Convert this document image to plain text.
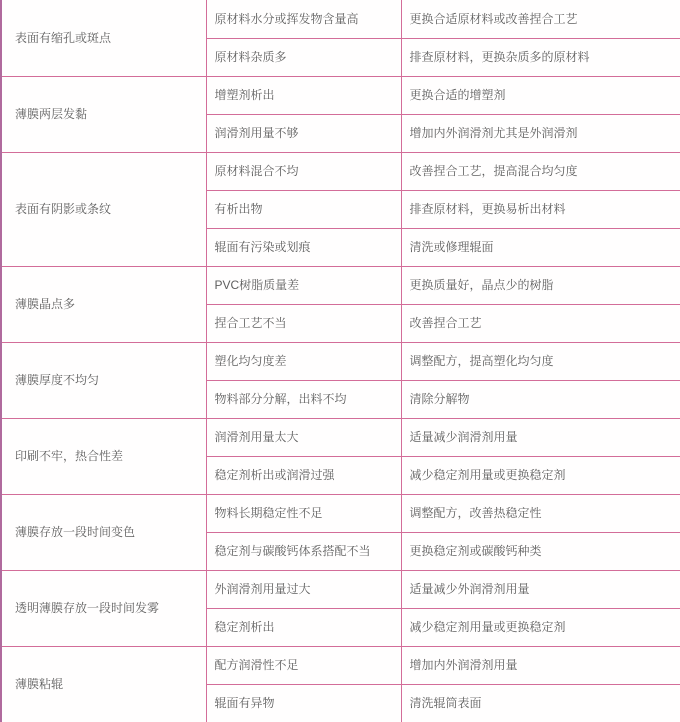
表面有缩孔或斑点	原材料水分或挥发物含量高	更换合适原材料或改善捏合工艺
	原材料杂质多	排查原材料，更换杂质多的原材料
薄膜两层发黏	增塑剂析出	更换合适的增塑剂
	润滑剂用量不够	增加内外润滑剂尤其是外润滑剂
表面有阴影或条纹	原材料混合不均	改善捏合工艺，提高混合均匀度
	有析出物	排查原材料，更换易析出材料
	辊面有污染或划痕	清洗或修理辊面
薄膜晶点多	PVC树脂质量差	更换质量好，晶点少的树脂
	捏合工艺不当	改善捏合工艺
薄膜厚度不均匀	塑化均匀度差	调整配方，提高塑化均匀度
	物料部分分解，出料不均	清除分解物
印刷不牢，热合性差	润滑剂用量太大	适量减少润滑剂用量
	稳定剂析出或润滑过强	减少稳定剂用量或更换稳定剂
薄膜存放一段时间变色	物料长期稳定性不足	调整配方，改善热稳定性
	稳定剂与碳酸钙体系搭配不当	更换稳定剂或碳酸钙种类
透明薄膜存放一段时间发雾	外润滑剂用量过大	适量减少外润滑剂用量
	稳定剂析出	减少稳定剂用量或更换稳定剂
薄膜粘辊	配方润滑性不足	增加内外润滑剂用量
	辊面有异物	清洗辊筒表面
